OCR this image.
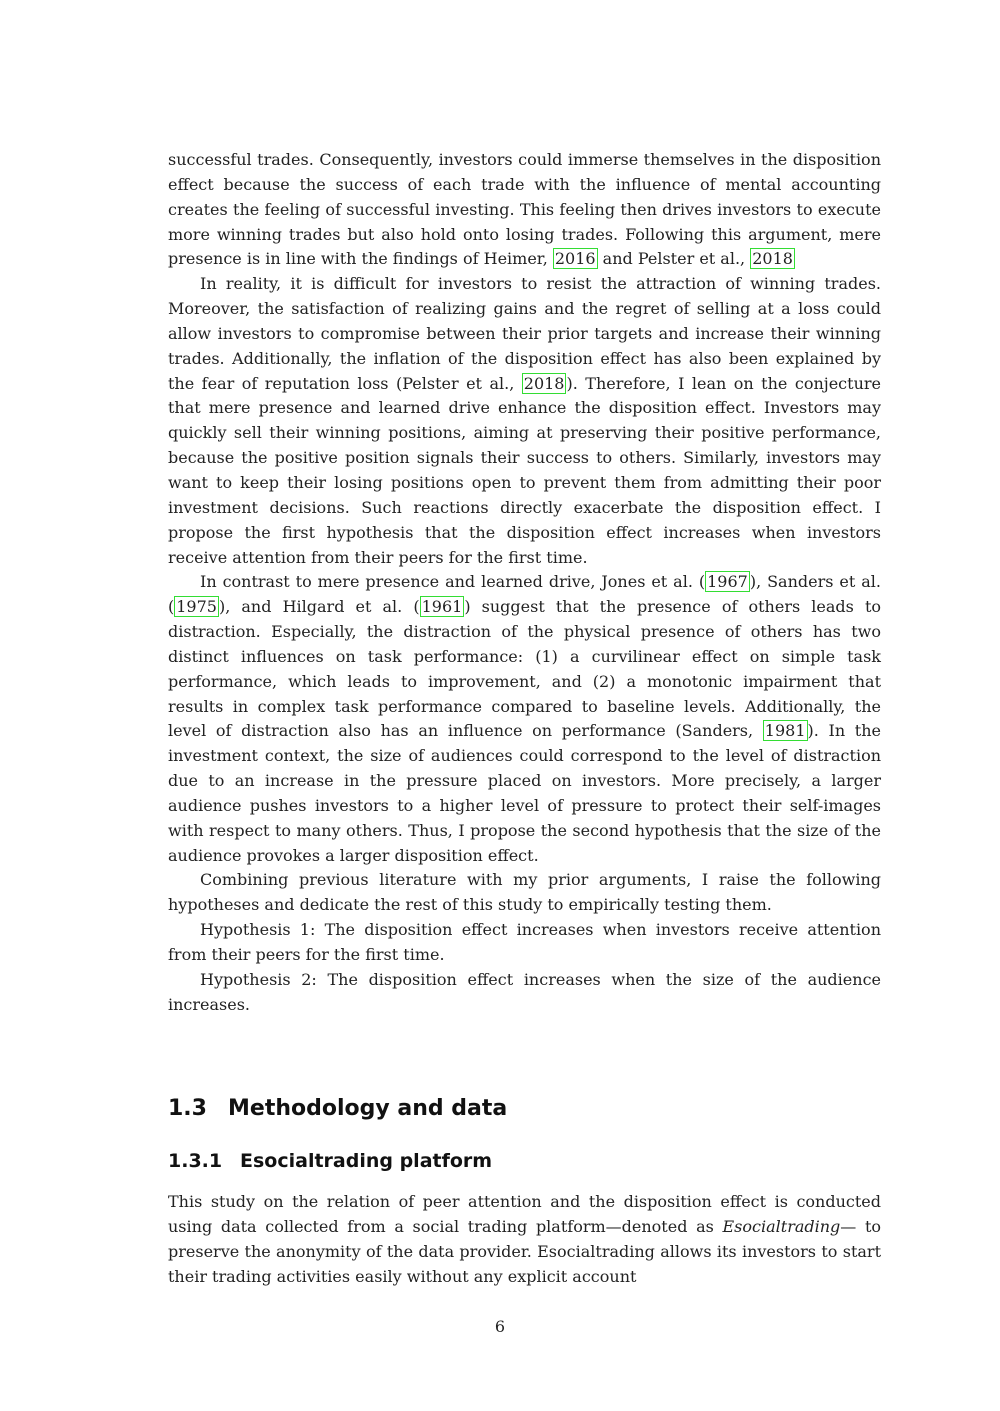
successful trades. Consequently, investors could immerse themselves in the disposition effect because the success of each trade with the influence of mental accounting creates the feeling of successful investing. This feeling then drives investors to execute more winning trades but also hold onto losing trades. Following this argument, mere presence is in line with the findings of Heimer, 2016 and Pelster et al., 2018

In reality, it is difficult for investors to resist the attraction of winning trades. Moreover, the satisfaction of realizing gains and the regret of selling at a loss could allow investors to compromise between their prior targets and increase their winning trades. Additionally, the inflation of the disposition effect has also been explained by the fear of reputation loss (Pelster et al., 2018 ). Therefore, I lean on the conjecture that mere presence and learned drive enhance the disposition effect. Investors may quickly sell their winning positions, aiming at preserving their positive performance, because the positive position signals their success to others. Similarly, investors may want to keep their losing positions open to prevent them from admitting their poor investment decisions. Such reactions directly exacerbate the disposition effect. I propose the first hypothesis that the disposition effect increases when investors receive attention from their peers for the first time.

In contrast to mere presence and learned drive, Jones et al. ( 1967 ), Sanders et al. ( 1975 ), and Hilgard et al. ( 1961 ) suggest that the presence of others leads to distraction. Especially, the distraction of the physical presence of others has two distinct influences on task performance: (1) a curvilinear effect on simple task performance, which leads to improvement, and (2) a monotonic impairment that results in complex task performance compared to baseline levels. Additionally, the level of distraction also has an influence on performance (Sanders, 1981 ). In the investment context, the size of audiences could correspond to the level of distraction due to an increase in the pressure placed on investors. More precisely, a larger audience pushes investors to a higher level of pressure to protect their self-images with respect to many others. Thus, I propose the second hypothesis that the size of the audience provokes a larger disposition effect.

Combining previous literature with my prior arguments, I raise the following hypotheses and dedicate the rest of this study to empirically testing them.

Hypothesis 1: The disposition effect increases when investors receive attention from their peers for the first time.

Hypothesis 2: The disposition effect increases when the size of the audience increases.

1.3 Methodology and data
1.3.1 Esocialtrading platform

This study on the relation of peer attention and the disposition effect is conducted using data collected from a social trading platform—denoted as Esocialtrading— to preserve the anonymity of the data provider. Esocialtrading allows its investors to start their trading activities easily without any explicit account

6
